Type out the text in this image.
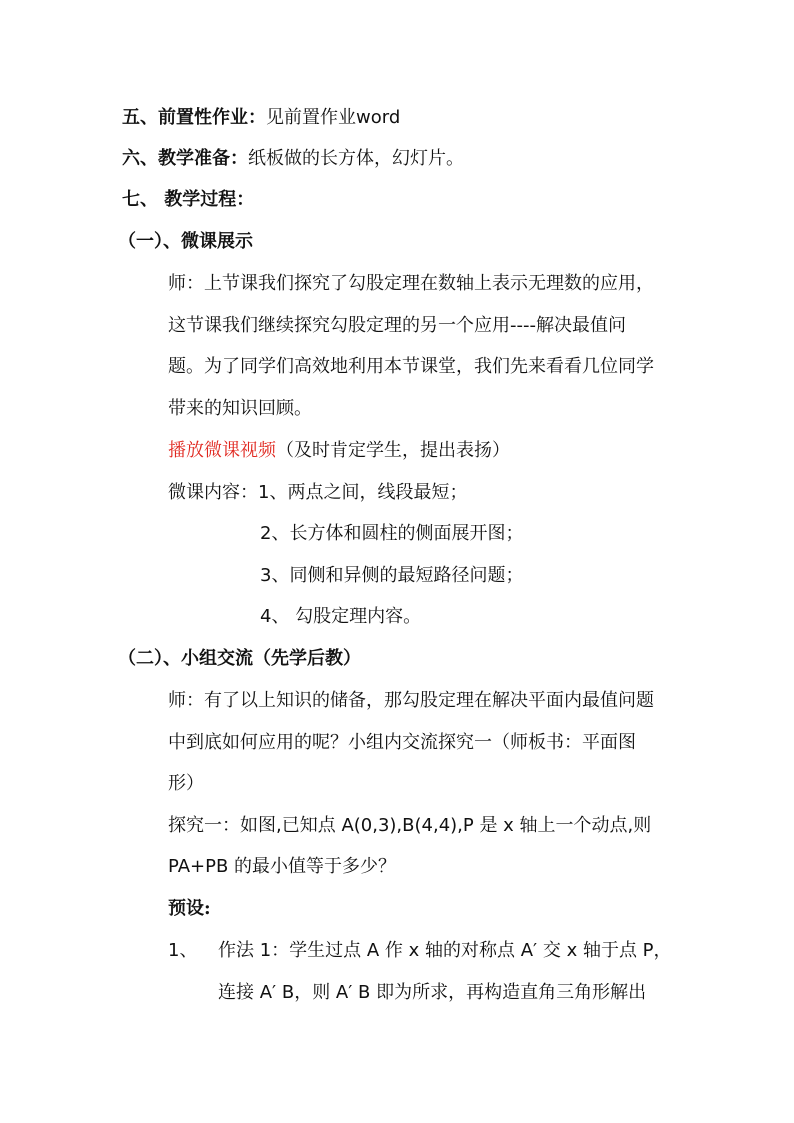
五、前置性作业：见前置作业word
六、教学准备：纸板做的长方体，幻灯片。
七、 教学过程：
（一）、微课展示
师：上节课我们探究了勾股定理在数轴上表示无理数的应用，
这节课我们继续探究勾股定理的另一个应用----解决最值问
题。为了同学们高效地利用本节课堂，我们先来看看几位同学
带来的知识回顾。
播放微课视频（及时肯定学生，提出表扬）
微课内容：1、两点之间，线段最短；
2、长方体和圆柱的侧面展开图；
3、同侧和异侧的最短路径问题；
4、 勾股定理内容。
（二）、小组交流（先学后教）
师：有了以上知识的储备，那勾股定理在解决平面内最值问题
中到底如何应用的呢？小组内交流探究一（师板书：平面图
形）
探究一：如图,已知点 A(0,3),B(4,4),P 是 x 轴上一个动点,则
PA+PB 的最小值等于多少？
预设:
1、 作法 1：学生过点 A 作 x 轴的对称点 A′ 交 x 轴于点 P，
连接 A′ B，则 A′ B 即为所求，再构造直角三角形解出
